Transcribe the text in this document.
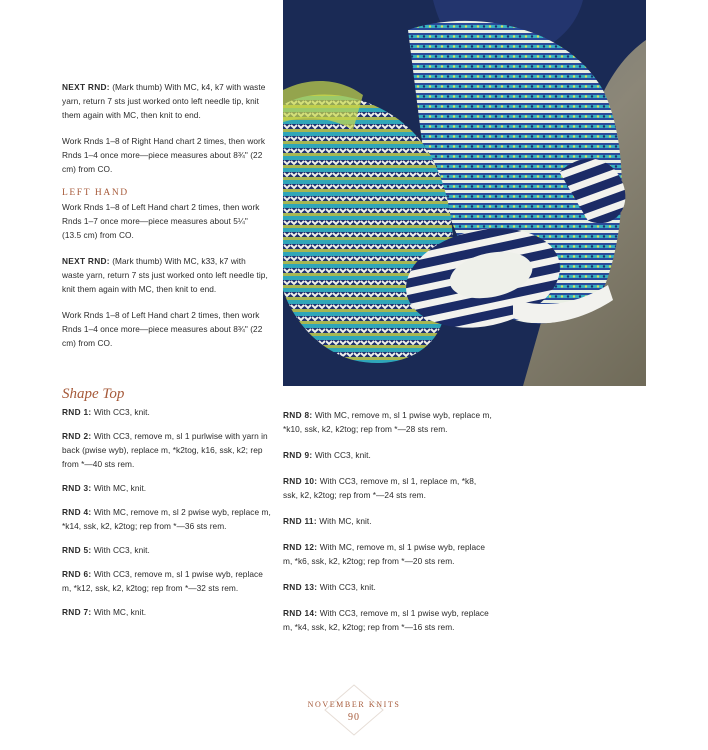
NEXT RND: (Mark thumb) With MC, k4, k7 with waste yarn, return 7 sts just worked onto left needle tip, knit them again with MC, then knit to end.

Work Rnds 1–8 of Right Hand chart 2 times, then work Rnds 1–4 once more—piece measures about 8¾" (22 cm) from CO.

LEFT HAND

Work Rnds 1–8 of Left Hand chart 2 times, then work Rnds 1–7 once more—piece measures about 5¼" (13.5 cm) from CO.

NEXT RND: (Mark thumb) With MC, k33, k7 with waste yarn, return 7 sts just worked onto left needle tip, knit them again with MC, then knit to end.

Work Rnds 1–8 of Left Hand chart 2 times, then work Rnds 1–4 once more—piece measures about 8¾" (22 cm) from CO.

Shape Top

RND 1: With CC3, knit.

RND 2: With CC3, remove m, sl 1 purlwise with yarn in back (pwise wyb), replace m, *k2tog, k16, ssk, k2; rep from *—40 sts rem.

RND 3: With MC, knit.

RND 4: With MC, remove m, sl 2 pwise wyb, replace m, *k14, ssk, k2, k2tog; rep from *—36 sts rem.

RND 5: With CC3, knit.

RND 6: With CC3, remove m, sl 1 pwise wyb, replace m, *k12, ssk, k2, k2tog; rep from *—32 sts rem.

RND 7: With MC, knit.

RND 8: With MC, remove m, sl 1 pwise wyb, replace m, *k10, ssk, k2, k2tog; rep from *—28 sts rem.

RND 9: With CC3, knit.

RND 10: With CC3, remove m, sl 1, replace m, *k8, ssk, k2, k2tog; rep from *—24 sts rem.

RND 11: With MC, knit.

RND 12: With MC, remove m, sl 1 pwise wyb, replace m, *k6, ssk, k2, k2tog; rep from *—20 sts rem.

RND 13: With CC3, knit.

RND 14: With CC3, remove m, sl 1 pwise wyb, replace m, *k4, ssk, k2, k2tog; rep from *—16 sts rem.

NOVEMBER KNITS
90
